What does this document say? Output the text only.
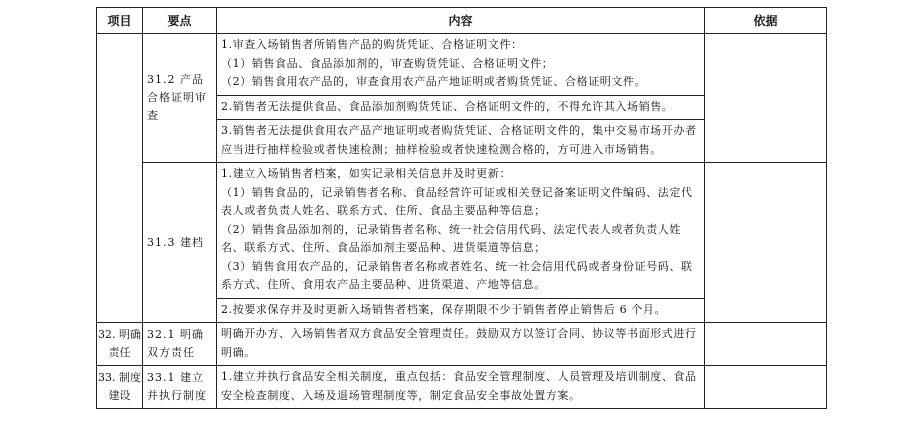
项目	要点	内容	依据
	31.2 产品合格证明审查	1.审查入场销售者所销售产品的购货凭证、合格证明文件：
（1）销售食品、食品添加剂的，审查购货凭证、合格证明文件；
（2）销售食用农产品的，审查食用农产品产地证明或者购货凭证、合格证明文件。
2.销售者无法提供食品、食品添加剂购货凭证、合格证明文件的，不得允许其入场销售。
3.销售者无法提供食用农产品产地证明或者购货凭证、合格证明文件的，集中交易市场开办者应当进行抽样检验或者快速检测；抽样检验或者快速检测合格的，方可进入市场销售。	

	31.3 建档	1.建立入场销售者档案，如实记录相关信息并及时更新：
（1）销售食品的，记录销售者名称、食品经营许可证或相关登记备案证明文件编码、法定代表人或者负责人姓名、联系方式、住所、食品主要品种等信息；
（2）销售食品添加剂的，记录销售者名称、统一社会信用代码、法定代表人或者负责人姓名、联系方式、住所、食品添加剂主要品种、进货渠道等信息；
（3）销售食用农产品的，记录销售者名称或者姓名、统一社会信用代码或者身份证号码、联系方式、住所、食用农产品主要品种、进货渠道、产地等信息。
2.按要求保存并及时更新入场销售者档案，保存期限不少于销售者停止销售后 6 个月。	

32. 明确责任	32.1 明确双方责任	明确开办方、入场销售者双方食品安全管理责任。鼓励双方以签订合同、协议等书面形式进行明确。	

33. 制度建设	33.1 建立并执行制度	1.建立并执行食品安全相关制度，重点包括：食品安全管理制度、人员管理及培训制度、食品安全检查制度、入场及退场管理制度等，制定食品安全事故处置方案。	
